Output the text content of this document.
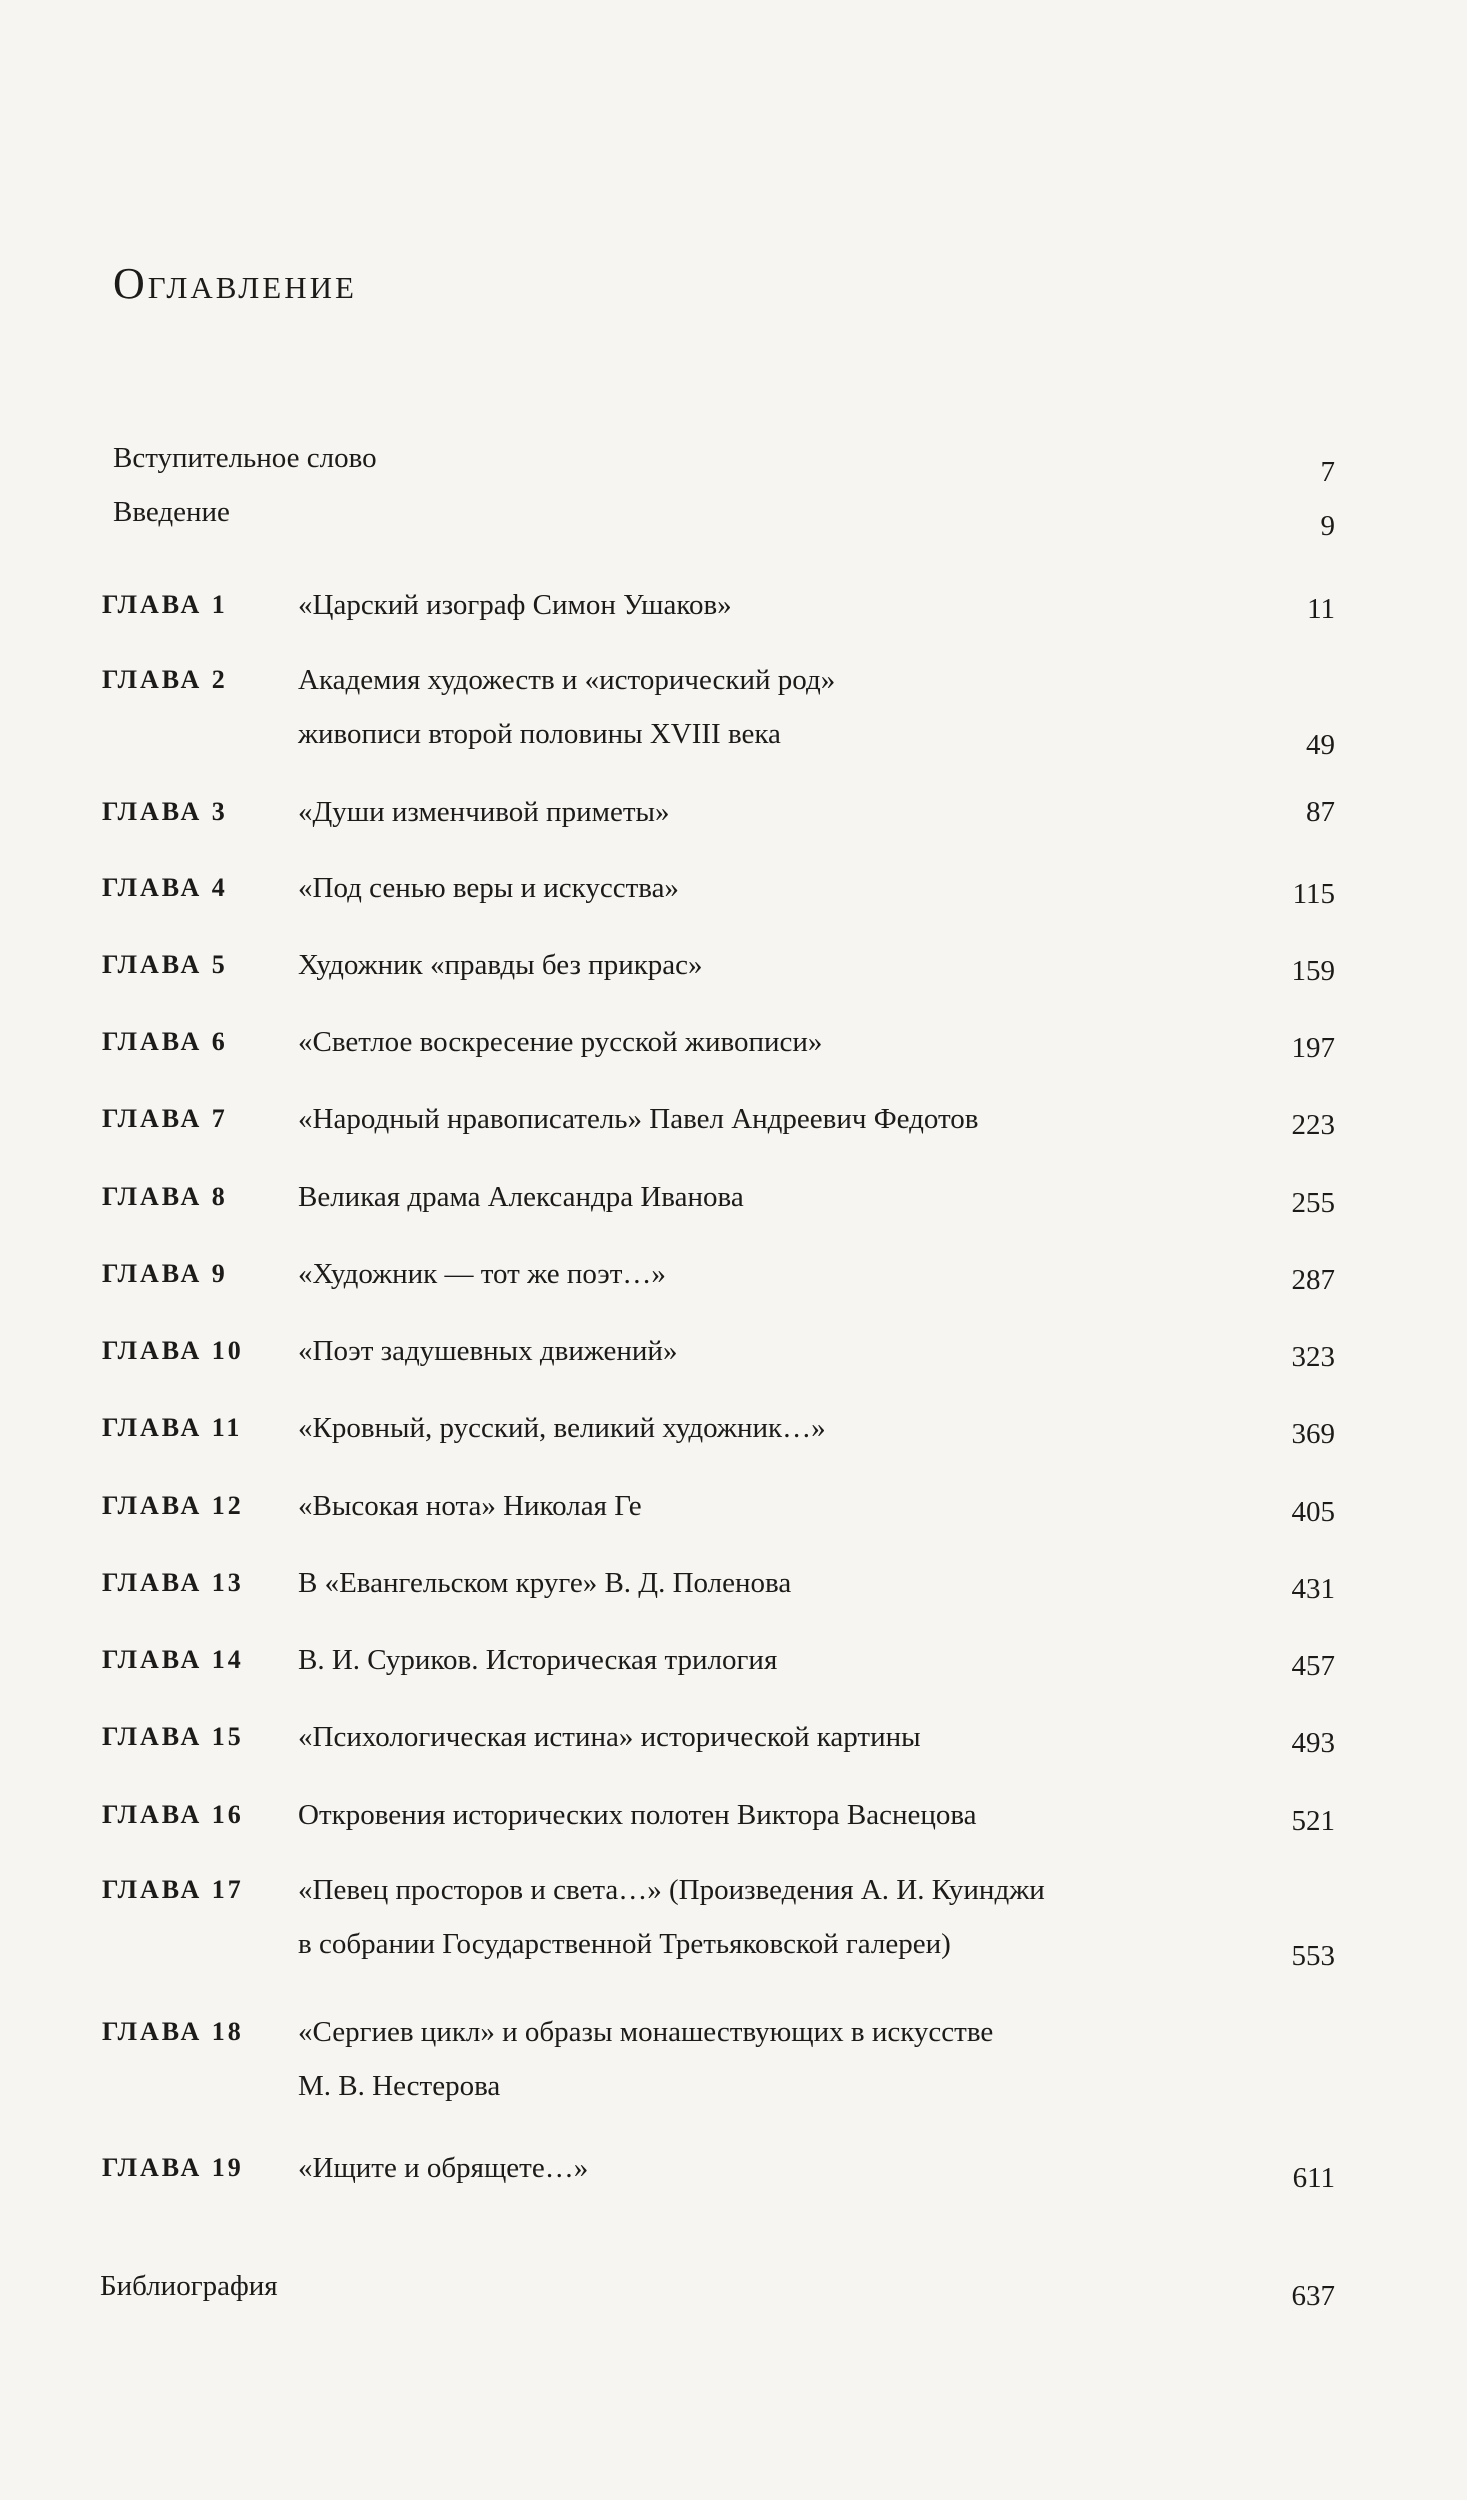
Оглавление
Вступительное слово	7
Введение	9
ГЛАВА 1 «Царский изограф Симон Ушаков»	11
ГЛАВА 2 Академия художеств и «исторический род»
живописи второй половины XVIII века	49
ГЛАВА 3 «Души изменчивой приметы»	87
ГЛАВА 4 «Под сенью веры и искусства»	115
ГЛАВА 5 Художник «правды без прикрас»	159
ГЛАВА 6 «Светлое воскресение русской живописи»	197
ГЛАВА 7 «Народный нравописатель» Павел Андреевич Федотов	223
ГЛАВА 8 Великая драма Александра Иванова	255
ГЛАВА 9 «Художник — тот же поэт…»	287
ГЛАВА 10 «Поэт задушевных движений»	323
ГЛАВА 11 «Кровный, русский, великий художник…»	369
ГЛАВА 12 «Высокая нота» Николая Ге	405
ГЛАВА 13 В «Евангельском круге» В. Д. Поленова	431
ГЛАВА 14 В. И. Суриков. Историческая трилогия	457
ГЛАВА 15 «Психологическая истина» исторической картины	493
ГЛАВА 16 Откровения исторических полотен Виктора Васнецова	521
ГЛАВА 17 «Певец просторов и света…» (Произведения А. И. Куинджи
в собрании Государственной Третьяковской галереи)	553
ГЛАВА 18 «Сергиев цикл» и образы монашествующих в искусстве
М. В. Нестерова
ГЛАВА 19 «Ищите и обрящете…»	611
Библиография	637
